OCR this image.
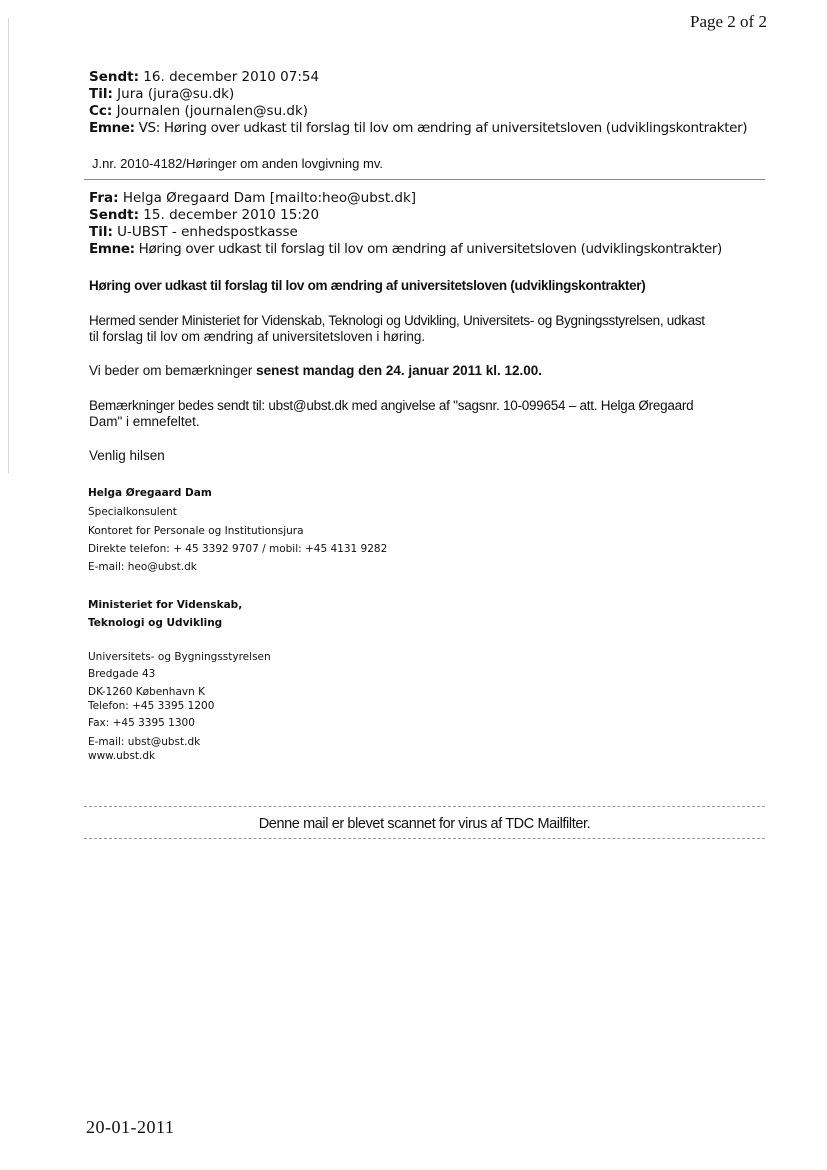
Page 2 of 2
Sendt: 16. december 2010 07:54
Til: Jura (jura@su.dk)
Cc: Journalen (journalen@su.dk)
Emne: VS: Høring over udkast til forslag til lov om ændring af universitetsloven (udviklingskontrakter)
J.nr. 2010-4182/Høringer om anden lovgivning mv.
Fra: Helga Øregaard Dam [mailto:heo@ubst.dk]
Sendt: 15. december 2010 15:20
Til: U-UBST - enhedspostkasse
Emne: Høring over udkast til forslag til lov om ændring af universitetsloven (udviklingskontrakter)
Høring over udkast til forslag til lov om ændring af universitetsloven (udviklingskontrakter)
Hermed sender Ministeriet for Videnskab, Teknologi og Udvikling, Universitets- og Bygningsstyrelsen, udkast
til forslag til lov om ændring af universitetsloven i høring.
Vi beder om bemærkninger senest mandag den 24. januar 2011 kl. 12.00.
Bemærkninger bedes sendt til: ubst@ubst.dk med angivelse af "sagsnr. 10-099654 – att. Helga Øregaard
Dam" i emnefeltet.
Venlig hilsen
Helga Øregaard Dam
Specialkonsulent
Kontoret for Personale og Institutionsjura
Direkte telefon: + 45 3392 9707 / mobil: +45 4131 9282
E-mail: heo@ubst.dk
Ministeriet for Videnskab,
Teknologi og Udvikling
Universitets- og Bygningsstyrelsen
Bredgade 43
DK-1260 København K
Telefon: +45 3395 1200
Fax: +45 3395 1300
E-mail: ubst@ubst.dk
www.ubst.dk
Denne mail er blevet scannet for virus af TDC Mailfilter.
20-01-2011
